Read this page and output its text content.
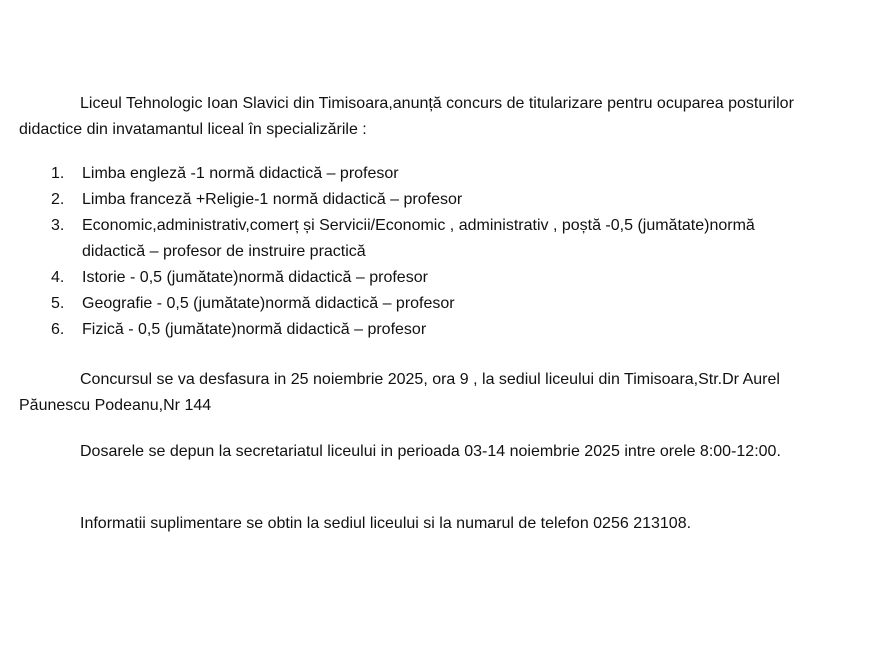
Liceul Tehnologic Ioan Slavici din Timisoara,anunță concurs de titularizare pentru ocuparea posturilor didactice din invatamantul liceal în specializările :

1. Limba engleză -1 normă didactică – profesor
2. Limba franceză +Religie-1 normă didactică – profesor
3. Economic,administrativ,comerț și Servicii/Economic , administrativ , poștă -0,5 (jumătate)normă didactică – profesor de instruire practică
4. Istorie - 0,5 (jumătate)normă didactică – profesor
5. Geografie - 0,5 (jumătate)normă didactică – profesor
6. Fizică - 0,5 (jumătate)normă didactică – profesor

Concursul se va desfasura in 25 noiembrie 2025, ora 9 , la sediul liceului din Timisoara,Str.Dr Aurel Păunescu Podeanu,Nr 144

Dosarele se depun la secretariatul liceului in perioada 03-14 noiembrie 2025 intre orele 8:00-12:00.

Informatii suplimentare se obtin la sediul liceului si la numarul de telefon 0256 213108.
